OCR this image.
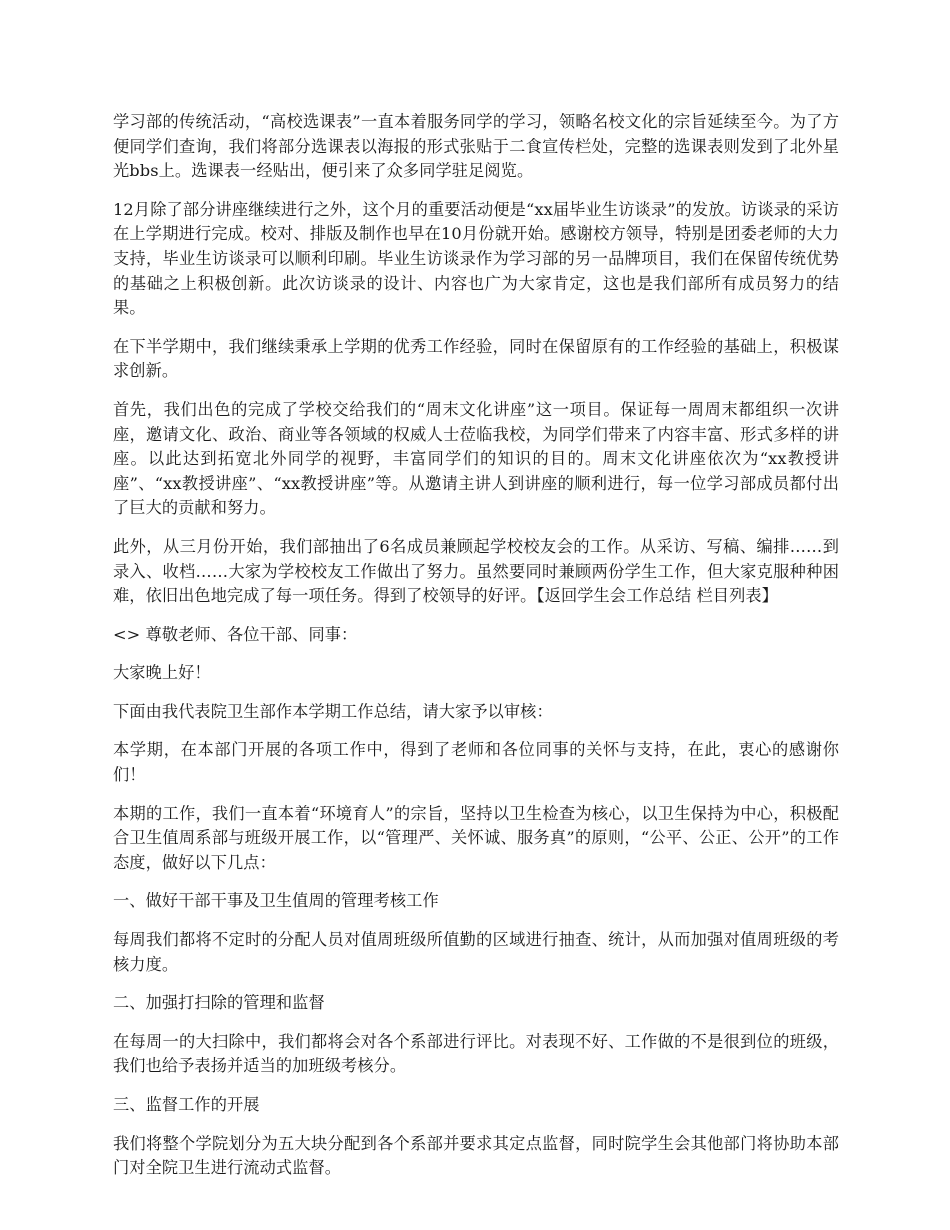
学习部的传统活动，“高校选课表”一直本着服务同学的学习，领略名校文化的宗旨延续至今。为了方便同学们查询，我们将部分选课表以海报的形式张贴于二食宣传栏处，完整的选课表则发到了北外星光bbs上。选课表一经贴出，便引来了众多同学驻足阅览。

12月除了部分讲座继续进行之外，这个月的重要活动便是“xx届毕业生访谈录”的发放。访谈录的采访在上学期进行完成。校对、排版及制作也早在10月份就开始。感谢校方领导，特别是团委老师的大力支持，毕业生访谈录可以顺利印刷。毕业生访谈录作为学习部的另一品牌项目，我们在保留传统优势的基础之上积极创新。此次访谈录的设计、内容也广为大家肯定，这也是我们部所有成员努力的结果。

在下半学期中，我们继续秉承上学期的优秀工作经验，同时在保留原有的工作经验的基础上，积极谋求创新。

首先，我们出色的完成了学校交给我们的“周末文化讲座”这一项目。保证每一周周末都组织一次讲座，邀请文化、政治、商业等各领域的权威人士莅临我校，为同学们带来了内容丰富、形式多样的讲座。以此达到拓宽北外同学的视野，丰富同学们的知识的目的。周末文化讲座依次为“xx教授讲座”、“xx教授讲座”、“xx教授讲座”等。从邀请主讲人到讲座的顺利进行，每一位学习部成员都付出了巨大的贡献和努力。

此外，从三月份开始，我们部抽出了6名成员兼顾起学校校友会的工作。从采访、写稿、编排……到录入、收档……大家为学校校友工作做出了努力。虽然要同时兼顾两份学生工作，但大家克服种种困难，依旧出色地完成了每一项任务。得到了校领导的好评。【返回学生会工作总结 栏目列表】

<> 尊敬老师、各位干部、同事：

大家晚上好！

下面由我代表院卫生部作本学期工作总结，请大家予以审核：

本学期，在本部门开展的各项工作中，得到了老师和各位同事的关怀与支持，在此，衷心的感谢你们！

本期的工作，我们一直本着“环境育人”的宗旨，坚持以卫生检查为核心，以卫生保持为中心，积极配合卫生值周系部与班级开展工作，以“管理严、关怀诚、服务真”的原则，“公平、公正、公开”的工作态度，做好以下几点：

一、做好干部干事及卫生值周的管理考核工作

每周我们都将不定时的分配人员对值周班级所值勤的区域进行抽查、统计，从而加强对值周班级的考核力度。

二、加强打扫除的管理和监督

在每周一的大扫除中，我们都将会对各个系部进行评比。对表现不好、工作做的不是很到位的班级，我们也给予表扬并适当的加班级考核分。

三、监督工作的开展

我们将整个学院划分为五大块分配到各个系部并要求其定点监督，同时院学生会其他部门将协助本部门对全院卫生进行流动式监督。
